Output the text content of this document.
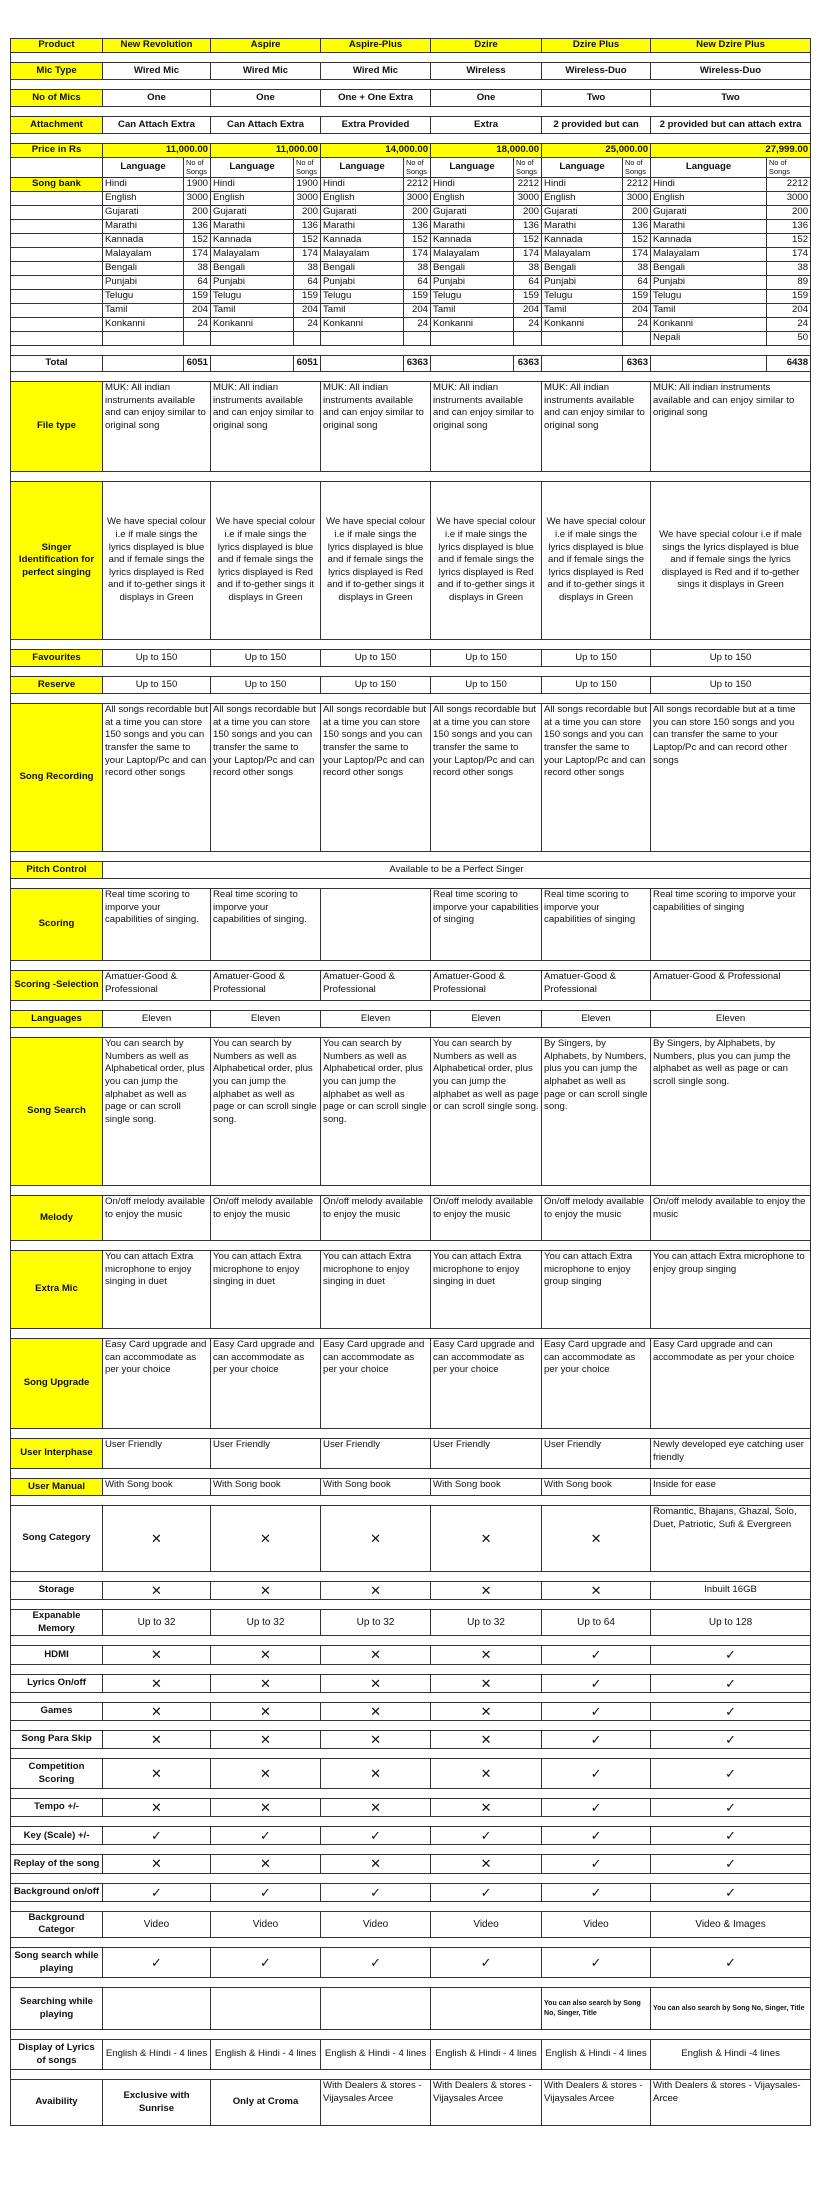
Product	New Revolution		Aspire		Aspire-Plus		Dzire		Dzire Plus		New Dzire Plus	

Mic Type	Wired Mic		Wired Mic		Wired Mic		Wireless		Wireless-Duo		Wireless-Duo	

No of Mics	One		One		One + One Extra		One		Two		Two	

Attachment	Can Attach Extra		Can Attach Extra		Extra Provided		Extra		2 provided but can		2 provided but can attach extra	

Price in Rs	11,000.00		11,000.00		14,000.00		18,000.00		25,000.00		27,999.00	
	Language	No of Songs	Language	No of Songs	Language	No of Songs	Language	No of Songs	Language	No of Songs	Language	No of Songs
Song bank	Hindi	1900	Hindi	1900	Hindi	2212	Hindi	2212	Hindi	2212	Hindi	2212
	English	3000	English	3000	English	3000	English	3000	English	3000	English	3000
	Gujarati	200	Gujarati	200	Gujarati	200	Gujarati	200	Gujarati	200	Gujarati	200
	Marathi	136	Marathi	136	Marathi	136	Marathi	136	Marathi	136	Marathi	136
	Kannada	152	Kannada	152	Kannada	152	Kannada	152	Kannada	152	Kannada	152
	Malayalam	174	Malayalam	174	Malayalam	174	Malayalam	174	Malayalam	174	Malayalam	174
	Bengali	38	Bengali	38	Bengali	38	Bengali	38	Bengali	38	Bengali	38
	Punjabi	64	Punjabi	64	Punjabi	64	Punjabi	64	Punjabi	64	Punjabi	89
	Telugu	159	Telugu	159	Telugu	159	Telugu	159	Telugu	159	Telugu	159
	Tamil	204	Tamil	204	Tamil	204	Tamil	204	Tamil	204	Tamil	204
	Konkanni	24	Konkanni	24	Konkanni	24	Konkanni	24	Konkanni	24	Konkanni	24
											Nepali	50

Total		6051		6051		6363		6363		6363		6438

File type	MUK: All indian instruments available and can enjoy similar to original song		MUK: All indian instruments available and can enjoy similar to original song		MUK: All indian instruments available and can enjoy similar to original song		MUK: All indian instruments available and can enjoy similar to original song		MUK: All indian instruments available and can enjoy similar to original song		MUK: All indian instruments available and can enjoy similar to original song	

Singer Identification for perfect singing	We have special colour i.e if male sings the lyrics displayed is blue and if female sings the lyrics displayed is Red and if to-gether sings it displays in Green		We have special colour i.e if male sings the lyrics displayed is blue and if female sings the lyrics displayed is Red and if to-gether sings it displays in Green		We have special colour i.e if male sings the lyrics displayed is blue and if female sings the lyrics displayed is Red and if to-gether sings it displays in Green		We have special colour i.e if male sings the lyrics displayed is blue and if female sings the lyrics displayed is Red and if to-gether sings it displays in Green		We have special colour i.e if male sings the lyrics displayed is blue and if female sings the lyrics displayed is Red and if to-gether sings it displays in Green		We have special colour i.e if male sings the lyrics displayed is blue and if female sings the lyrics displayed is Red and if to-gether sings it displays in Green	

Favourites	Up to 150		Up to 150		Up to 150		Up to 150		Up to 150		Up to 150	

Reserve	Up to 150		Up to 150		Up to 150		Up to 150		Up to 150		Up to 150	

Song Recording	All songs recordable but at a time you can store 150 songs and you can transfer the same to your Laptop/Pc and can record other songs		All songs recordable but at a time you can store 150 songs and you can transfer the same to your Laptop/Pc and can record other songs		All songs recordable but at a time you can store 150 songs and you can transfer the same to your Laptop/Pc and can record other songs		All songs recordable but at a time you can store 150 songs and you can transfer the same to your Laptop/Pc and can record other songs		All songs recordable but at a time you can store 150 songs and you can transfer the same to your Laptop/Pc and can record other songs		All songs recordable but at a time you can store 150 songs and you can transfer the same to your Laptop/Pc and can record other songs	

Pitch Control	Available to be a Perfect Singer											

Scoring	Real time scoring to imporve your capabilities of singing.		Real time scoring to imporve your capabilities of singing.				Real time scoring to imporve your capabilities of singing		Real time scoring to imporve your capabilities of singing		Real time scoring to imporve your capabilities of singing	

Scoring -Selection	Amatuer-Good & Professional		Amatuer-Good & Professional		Amatuer-Good & Professional		Amatuer-Good & Professional		Amatuer-Good & Professional		Amatuer-Good & Professional	

Languages	Eleven		Eleven		Eleven		Eleven		Eleven		Eleven	

Song Search	You can search by Numbers as well as Alphabetical order, plus you can jump the alphabet as well as page or can scroll single song.		You can search by Numbers as well as Alphabetical order, plus you can jump the alphabet as well as page or can scroll single song.		You can search by Numbers as well as Alphabetical order, plus you can jump the alphabet as well as page or can scroll single song.		You can search by Numbers as well as Alphabetical order, plus you can jump the alphabet as well as page or can scroll single song.		By Singers, by Alphabets, by Numbers, plus you can jump the alphabet as well as page or can scroll single song.		By Singers, by Alphabets, by Numbers, plus you can jump the alphabet as well as page or can scroll single song.	

Melody	On/off melody available to enjoy the music		On/off melody available to enjoy the music		On/off melody available to enjoy the music		On/off melody available to enjoy the music		On/off melody available to enjoy the music		On/off melody available to enjoy the music	

Extra Mic	You can attach Extra microphone to enjoy singing in duet		You can attach Extra microphone to enjoy singing in duet		You can attach Extra microphone to enjoy singing in duet		You can attach Extra microphone to enjoy singing in duet		You can attach Extra microphone to enjoy group singing		You can attach Extra microphone to enjoy group singing	

Song Upgrade	Easy Card upgrade and can accommodate as per your choice		Easy Card upgrade and can accommodate as per your choice		Easy Card upgrade and can accommodate as per your choice		Easy Card upgrade and can accommodate as per your choice		Easy Card upgrade and can accommodate as per your choice		Easy Card upgrade and can accommodate as per your choice	

User Interphase	User Friendly		User Friendly		User Friendly		User Friendly		User Friendly		Newly developed eye catching user friendly	

User Manual	With Song book		With Song book		With Song book		With Song book		With Song book		Inside for ease	

Song Category	✕		✕		✕		✕		✕		Romantic, Bhajans, Ghazal, Solo, Duet, Patriotic, Sufi & Evergreen	

Storage	✕		✕		✕		✕		✕		Inbuilt 16GB	

Expanable Memory	Up to 32		Up to 32		Up to 32		Up to 32		Up to 64		Up to 128	

HDMI	✕		✕		✕		✕		✓		✓	

Lyrics On/off	✕		✕		✕		✕		✓		✓	

Games	✕		✕		✕		✕		✓		✓	

Song Para Skip	✕		✕		✕		✕		✓		✓	

Competition Scoring	✕		✕		✕		✕		✓		✓	

Tempo +/-	✕		✕		✕		✕		✓		✓	

Key (Scale) +/-	✓		✓		✓		✓		✓		✓	

Replay of the song	✕		✕		✕		✕		✓		✓	

Background on/off	✓		✓		✓		✓		✓		✓	

Background Categor	Video		Video		Video		Video		Video		Video & Images	

Song search while playing	✓		✓		✓		✓		✓		✓	

Searching while playing									You can also search by Song No, Singer, Title		You can also search by Song No, Singer, Title	

Display of Lyrics of songs	English & Hindi - 4 lines		English & Hindi - 4 lines		English & Hindi - 4 lines		English & Hindi - 4 lines		English & Hindi - 4 lines		English & Hindi -4 lines	

Avaibility	Exclusive with Sunrise		Only at Croma		With Dealers & stores -Vijaysales Arcee		With Dealers & stores -Vijaysales Arcee		With Dealers & stores -Vijaysales Arcee		With Dealers & stores - Vijaysales-Arcee	
